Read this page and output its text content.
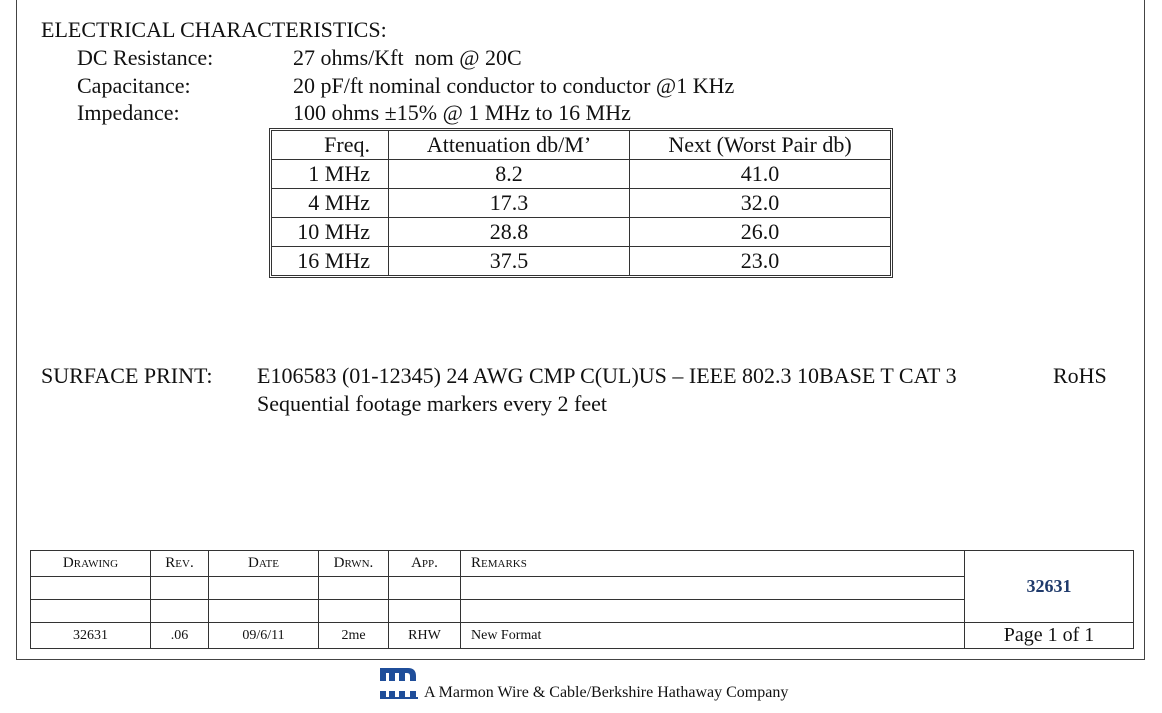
ELECTRICAL CHARACTERISTICS:
DC Resistance:	27 ohms/Kft  nom @ 20C
Capacitance:	20 pF/ft nominal conductor to conductor @1 KHz
Impedance:	100 ohms ±15% @ 1 MHz to 16 MHz
Freq.	Attenuation db/M’	Next (Worst Pair db)
1 MHz	8.2	41.0
4 MHz	17.3	32.0
10 MHz	28.8	26.0
16 MHz	37.5	23.0
SURFACE PRINT: E106583 (01-12345) 24 AWG CMP C(UL)US – IEEE 802.3 10BASE T CAT 3	RoHS
Sequential footage markers every 2 feet
Drawing	Rev.	Date	Drwn.	App.	Remarks	32631

32631	.06	09/6/11	2me	RHW	New Format	Page 1 of 1
A Marmon Wire & Cable/Berkshire Hathaway Company
